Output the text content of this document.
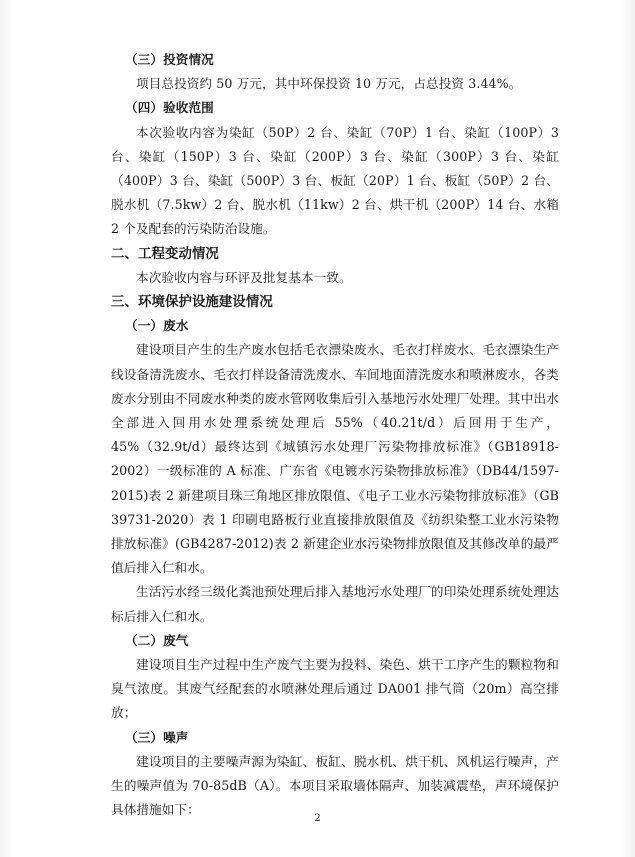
（三）投资情况

项目总投资约 50 万元，其中环保投资 10 万元，占总投资 3.44%。

（四）验收范围

本次验收内容为染缸（50P）2 台、染缸（70P）1 台、染缸（100P）3 台、染缸（150P）3 台、染缸（200P）3 台、染缸（300P）3 台、染缸（400P）3 台、染缸（500P）3 台、板缸（20P）1 台、板缸（50P）2 台、脱水机（7.5kw）2 台、脱水机（11kw）2 台、烘干机（200P）14 台、水箱 2 个及配套的污染防治设施。

二、工程变动情况

本次验收内容与环评及批复基本一致。

三、环境保护设施建设情况

（一）废水

建设项目产生的生产废水包括毛衣漂染废水、毛衣打样废水、毛衣漂染生产线设备清洗废水、毛衣打样设备清洗废水、车间地面清洗废水和喷淋废水，各类废水分别由不同废水种类的废水管网收集后引入基地污水处理厂处理。其中出水全部进入回用水处理系统处理后 55%（40.21t/d）后回用于生产，45%（32.9t/d）最终达到《城镇污水处理厂污染物排放标准》（GB18918-2002）一级标准的 A 标准、广东省《电镀水污染物排放标准》（DB44/1597-2015)表 2 新建项目珠三角地区排放限值、《电子工业水污染物排放标准》（GB 39731-2020）表 1 印刷电路板行业直接排放限值及《纺织染整工业水污染物排放标准》(GB4287-2012)表 2 新建企业水污染物排放限值及其修改单的最严值后排入仁和水。

生活污水经三级化粪池预处理后排入基地污水处理厂的印染处理系统处理达标后排入仁和水。

（二）废气

建设项目生产过程中生产废气主要为投料、染色、烘干工序产生的颗粒物和臭气浓度。其废气经配套的水喷淋处理后通过 DA001 排气筒（20m）高空排放；

（三）噪声

建设项目的主要噪声源为染缸、板缸、脱水机、烘干机、风机运行噪声，产生的噪声值为 70-85dB（A）。本项目采取墙体隔声、加装减震垫，声环境保护具体措施如下：

2
